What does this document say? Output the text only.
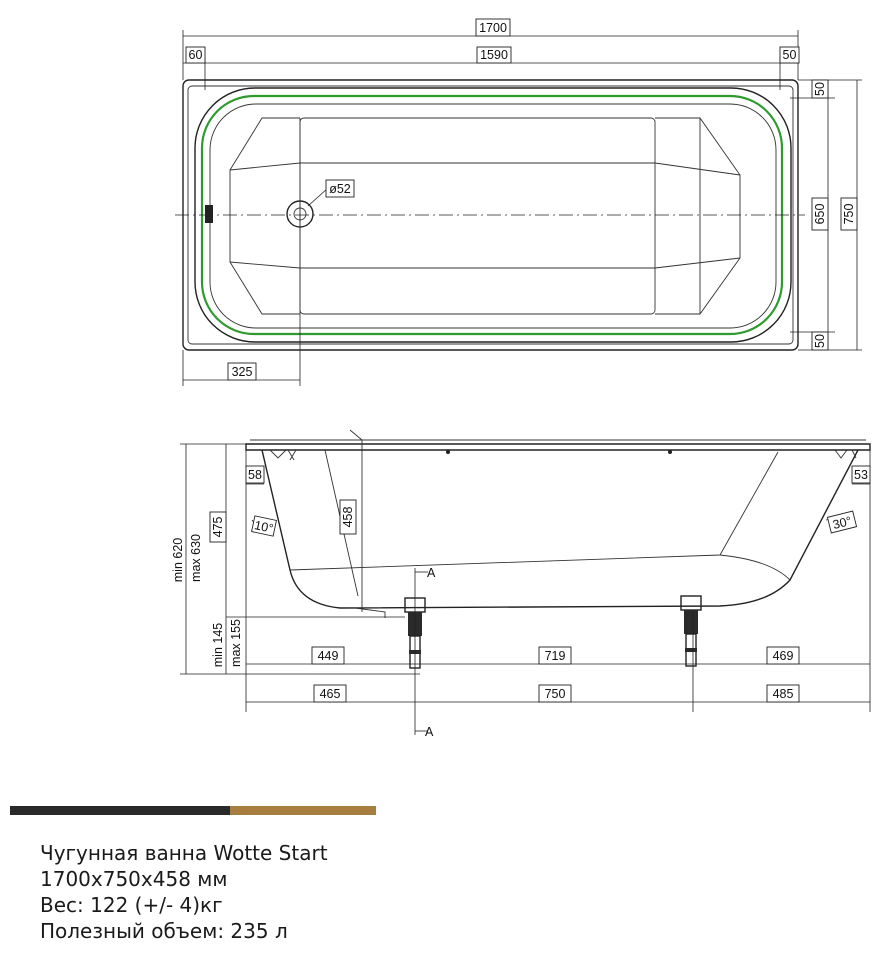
1700
60	1590	50
50
650
50
750
325
ø52
A
A
58	53
10°	30°
458
475
min 620 max 630
min 145 max 155	449	719	469
465	750	485
Чугунная ванна Wotte Start
1700x750x458 мм
Вес: 122 (+/- 4)кг
Полезный объем: 235 л
